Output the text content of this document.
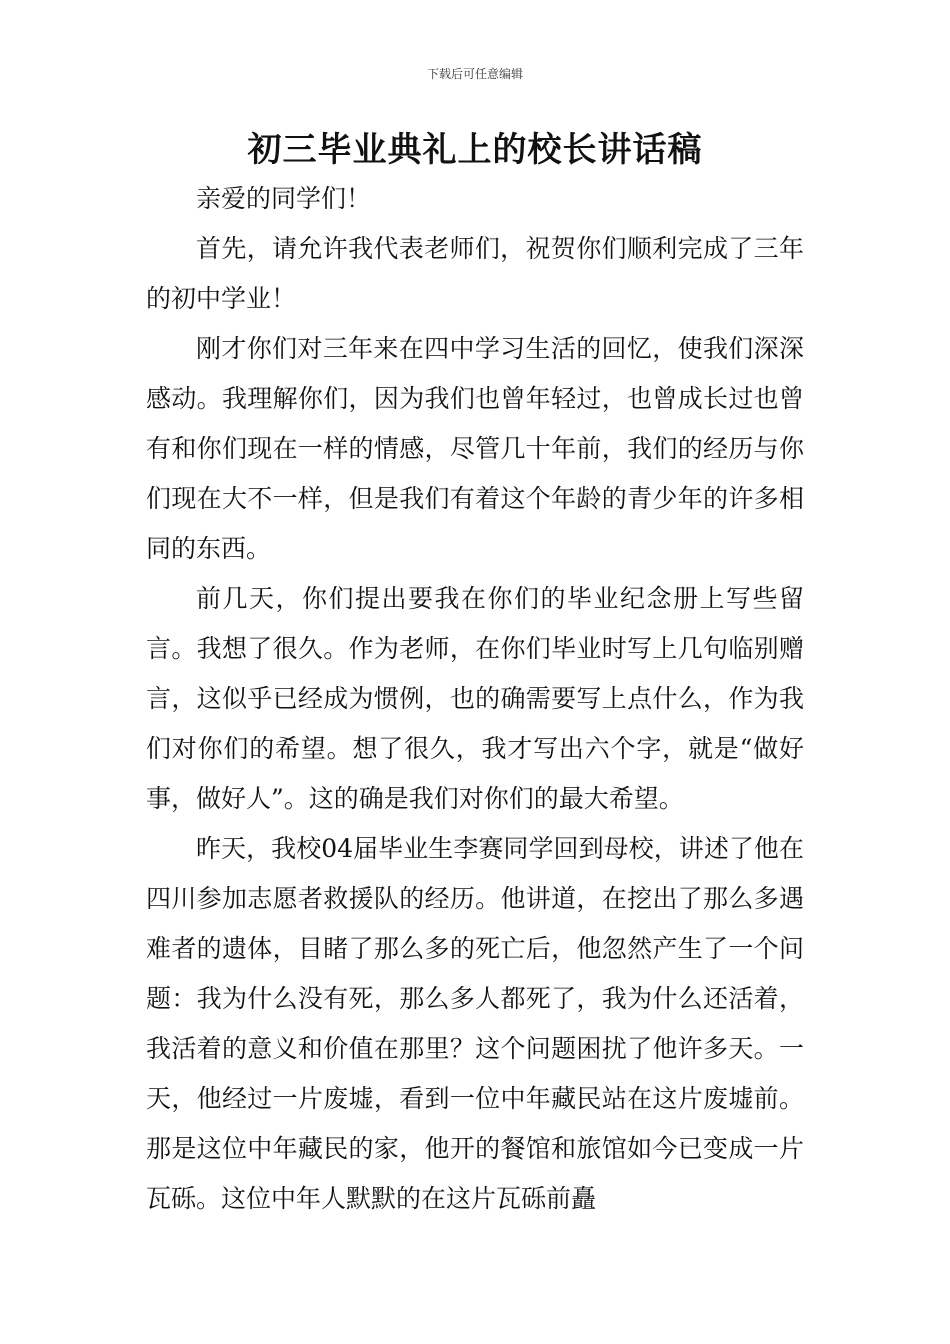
下载后可任意编辑
初三毕业典礼上的校长讲话稿

亲爱的同学们！

首先，请允许我代表老师们，祝贺你们顺利完成了三年的初中学业！

刚才你们对三年来在四中学习生活的回忆，使我们深深感动。我理解你们，因为我们也曾年轻过，也曾成长过也曾有和你们现在一样的情感，尽管几十年前，我们的经历与你们现在大不一样，但是我们有着这个年龄的青少年的许多相同的东西。

前几天，你们提出要我在你们的毕业纪念册上写些留言。我想了很久。作为老师，在你们毕业时写上几句临别赠言，这似乎已经成为惯例，也的确需要写上点什么，作为我们对你们的希望。想了很久，我才写出六个字，就是“做好事，做好人”。这的确是我们对你们的最大希望。

昨天，我校04届毕业生李赛同学回到母校，讲述了他在四川参加志愿者救援队的经历。他讲道，在挖出了那么多遇难者的遗体，目睹了那么多的死亡后，他忽然产生了一个问题：我为什么没有死，那么多人都死了，我为什么还活着，我活着的意义和价值在那里？这个问题困扰了他许多天。一天，他经过一片废墟，看到一位中年藏民站在这片废墟前。那是这位中年藏民的家，他开的餐馆和旅馆如今已变成一片瓦砾。这位中年人默默的在这片瓦砾前矗
